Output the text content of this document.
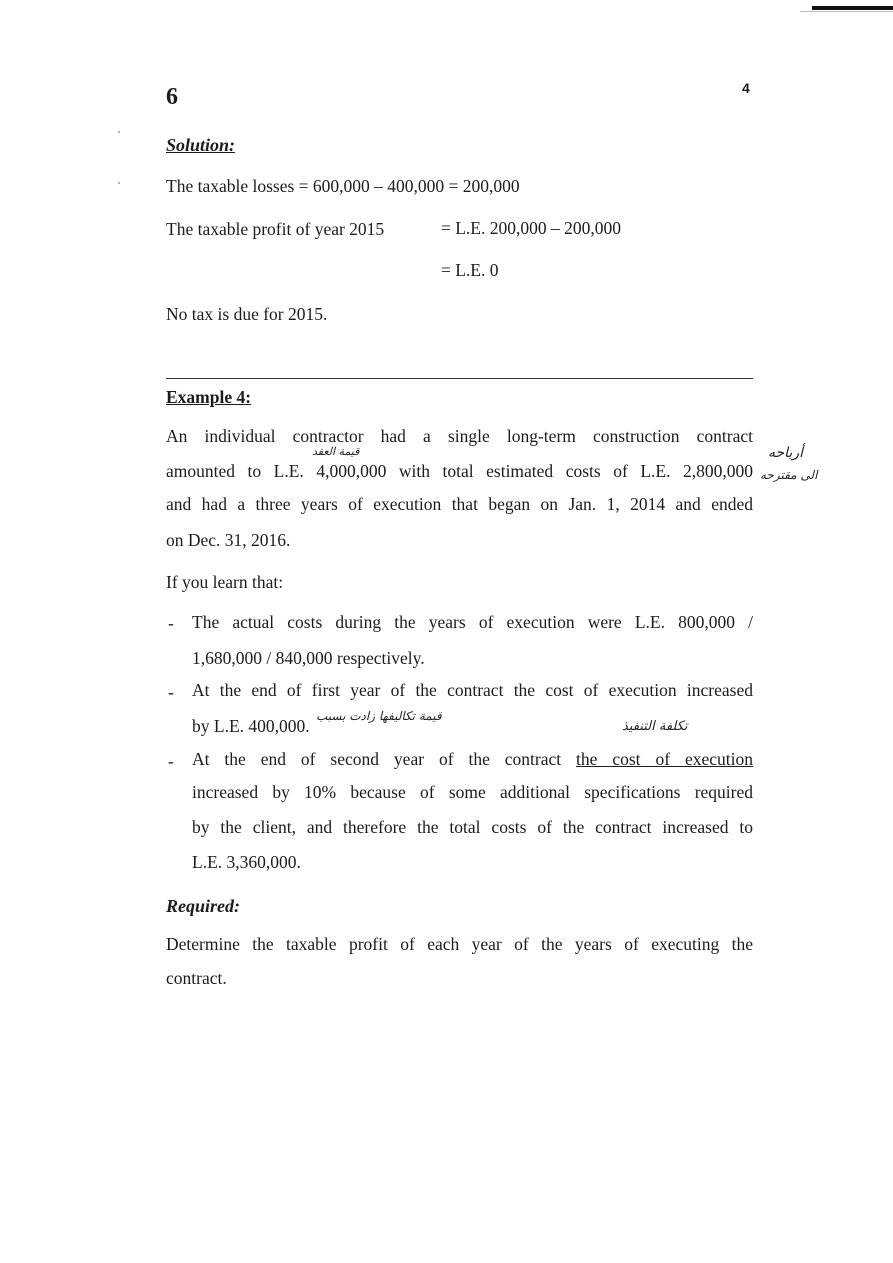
6	4
Solution:
The taxable losses = 600,000 – 400,000 = 200,000
The taxable profit of year 2015	= L.E. 200,000 – 200,000
= L.E. 0
No tax is due for 2015.
Example 4:
An individual contractor had a single long-term construction contract
amounted to L.E. 4,000,000 with total estimated costs of L.E. 2,800,000
and had a three years of execution that began on Jan. 1, 2014 and ended
on Dec. 31, 2016.
If you learn that:
- The actual costs during the years of execution were L.E. 800,000 /
1,680,000 / 840,000 respectively.
- At the end of first year of the contract the cost of execution increased
by L.E. 400,000.
- At the end of second year of the contract the cost of execution
increased by 10% because of some additional specifications required
by the client, and therefore the total costs of the contract increased to
L.E. 3,360,000.
Required:
Determine the taxable profit of each year of the years of executing the
contract.
قيمة العقد	أرباحه
الى مقترحه
قيمة تكاليفها زادت بسبب
تكلفة التنفيذ
